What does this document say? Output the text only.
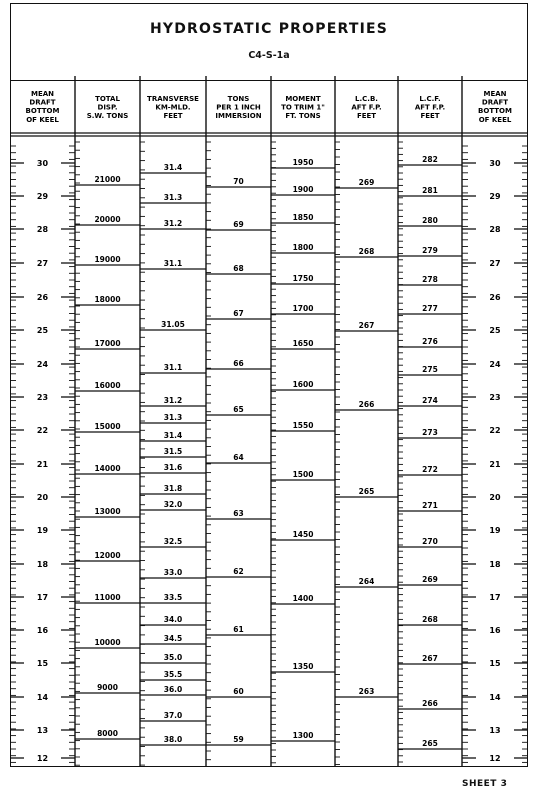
HYDROSTATIC PROPERTIES
C4-S-1a
MEAN
DRAFT
BOTTOM
OF KEEL
30
29
28
27
26
25
24
23
22
21
20
19
18
17
16
15
14
13
12
TOTAL
DISP.
S.W. TONS
21000
20000
19000
18000
17000
16000
15000
14000
13000
12000
11000
10000
9000
8000
TRANSVERSE
KM-MLD.
FEET
31.4
31.3
31.2
31.1
31.05
31.1
31.2
31.3
31.4
31.5
31.6
31.8
32.0
32.5
33.0
33.5
34.0
34.5
35.0
35.5
36.0
37.0
38.0
TONS
PER 1 INCH
IMMERSION
70
69
68
67
66
65
64
63
62
61
60
59
MOMENT
TO TRIM 1"
FT. TONS
1950
1900
1850
1800
1750
1700
1650
1600
1550
1500
1450
1400
1350
1300
L.C.B.
AFT F.P.
FEET
269
268
267
266
265
264
263
L.C.F.
AFT F.P.
FEET
282
281
280
279
278
277
276
275
274
273
272
271
270
269
268
267
266
265
MEAN
DRAFT
BOTTOM
OF KEEL
30
29
28
27
26
25
24
23
22
21
20
19
18
17
16
15
14
13
12
SHEET 3
